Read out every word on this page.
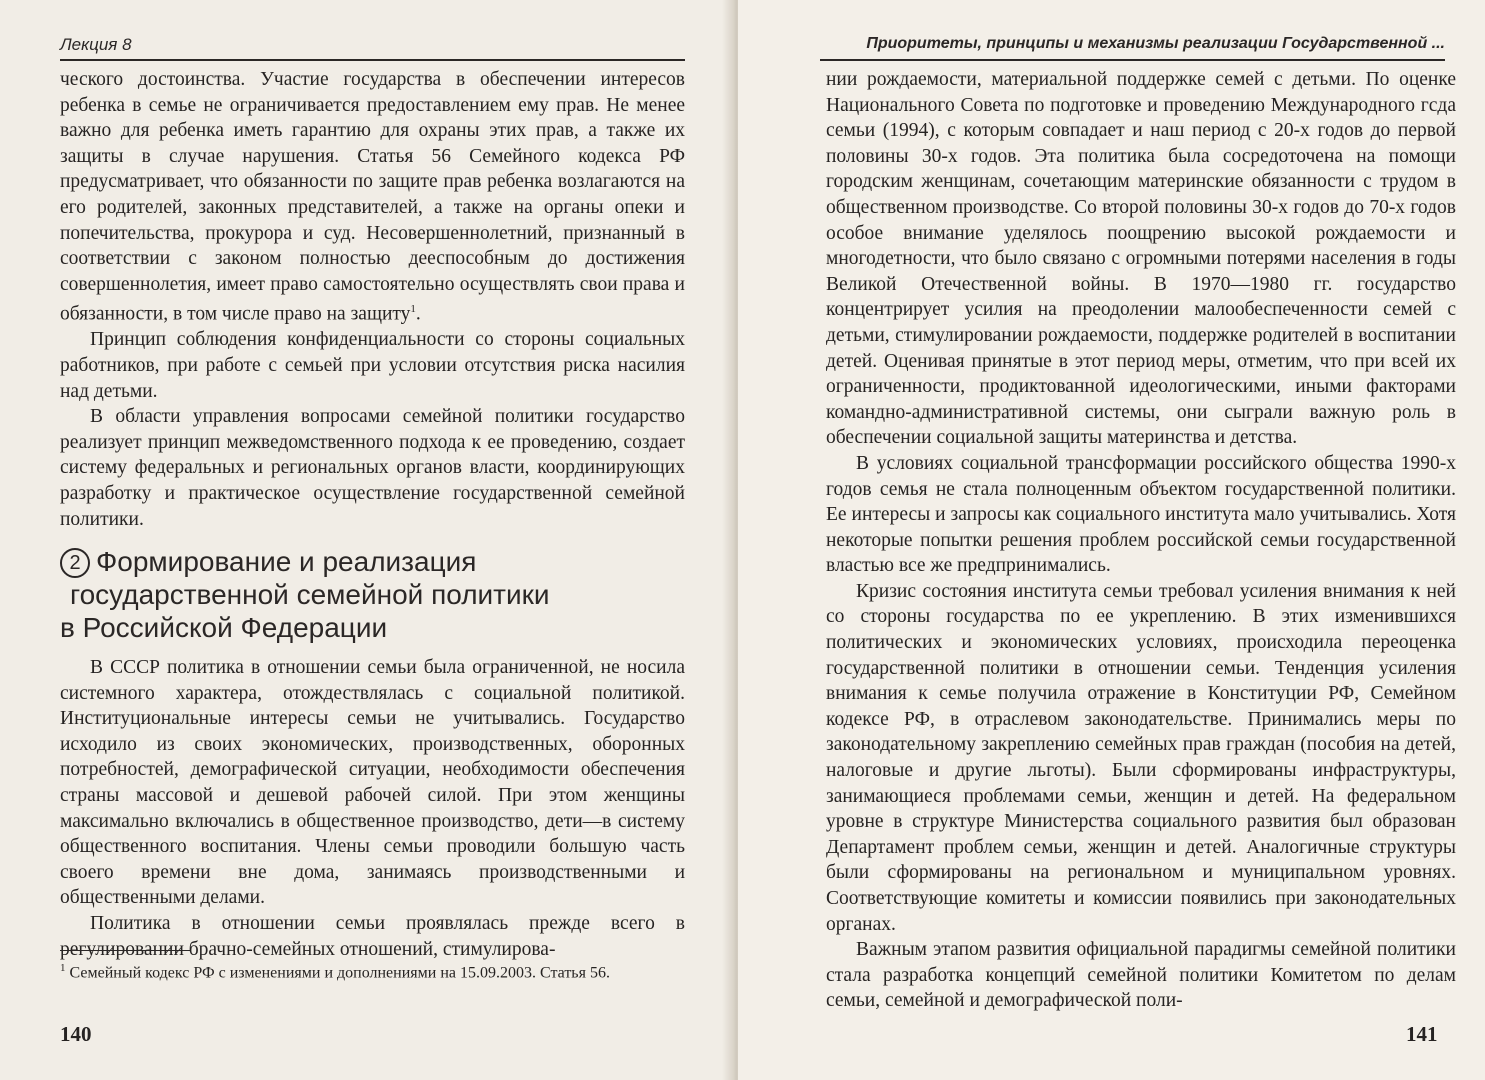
Лекция 8

ческого достоинства. Участие государства в обеспечении интересов ребенка в семье не ограничивается предоставлением ему прав. Не менее важно для ребенка иметь гарантию для охраны этих прав, а также их защиты в случае нарушения. Статья 56 Семейного кодекса РФ предусматривает, что обязанности по защите прав ребенка возлагаются на его родителей, законных представителей, а также на органы опеки и попечительства, прокурора и суд. Несовершеннолетний, признанный в соответствии с законом полностью дееспособным до достижения совершеннолетия, имеет право самостоятельно осуществлять свои права и обязанности, в том числе право на защиту$^1$.

Принцип соблюдения конфиденциальности со стороны социальных работников, при работе с семьей при условии отсутствия риска насилия над детьми.

В области управления вопросами семейной политики государство реализует принцип межведомственного подхода к ее проведению, создает систему федеральных и региональных органов власти, координирующих разработку и практическое осуществление государственной семейной политики.

2 Формирование и реализация
государственной семейной политики
в Российской Федерации

В СССР политика в отношении семьи была ограниченной, не носила системного характера, отождествлялась с социальной политикой. Институциональные интересы семьи не учитывались. Государство исходило из своих экономических, производственных, оборонных потребностей, демографической ситуации, необходимости обеспечения страны массовой и дешевой рабочей силой. При этом женщины максимально включались в общественное производство, дети—в систему общественного воспитания. Члены семьи проводили большую часть своего времени вне дома, занимаясь производственными и общественными делами.

Политика в отношении семьи проявлялась прежде всего в регулировании брачно-семейных отношений, стимулирова-

$^1$ Семейный кодекс РФ с изменениями и дополнениями на 15.09.2003. Статья 56.
140
Приоритеты, принципы и механизмы реализации Государственной ...

нии рождаемости, материальной поддержке семей с детьми. По оценке Национального Совета по подготовке и проведению Международного гсда семьи (1994), с которым совпадает и наш период с 20-х годов до первой половины 30-х годов. Эта политика была сосредоточена на помощи городским женщинам, сочетающим материнские обязанности с трудом в общественном производстве. Со второй половины 30-х годов до 70-х годов особое внимание уделялось поощрению высокой рождаемости и многодетности, что было связано с огромными потерями населения в годы Великой Отечественной войны. В 1970—1980 гг. государство концентрирует усилия на преодолении малообеспеченности семей с детьми, стимулировании рождаемости, поддержке родителей в воспитании детей. Оценивая принятые в этот период меры, отметим, что при всей их ограниченности, продиктованной идеологическими, иными факторами командно-административной системы, они сыграли важную роль в обеспечении социальной защиты материнства и детства.

В условиях социальной трансформации российского общества 1990-х годов семья не стала полноценным объектом государственной политики. Ее интересы и запросы как социального института мало учитывались. Хотя некоторые попытки решения проблем российской семьи государственной властью все же предпринимались.

Кризис состояния института семьи требовал усиления внимания к ней со стороны государства по ее укреплению. В этих изменившихся политических и экономических условиях, происходила переоценка государственной политики в отношении семьи. Тенденция усиления внимания к семье получила отражение в Конституции РФ, Семейном кодексе РФ, в отраслевом законодательстве. Принимались меры по законодательному закреплению семейных прав граждан (пособия на детей, налоговые и другие льготы). Были сформированы инфраструктуры, занимающиеся проблемами семьи, женщин и детей. На федеральном уровне в структуре Министерства социального развития был образован Департамент проблем семьи, женщин и детей. Аналогичные структуры были сформированы на региональном и муниципальном уровнях. Соответствующие комитеты и комиссии появились при законодательных органах.

Важным этапом развития официальной парадигмы семейной политики стала разработка концепций семейной политики Комитетом по делам семьи, семейной и демографической поли-

141
